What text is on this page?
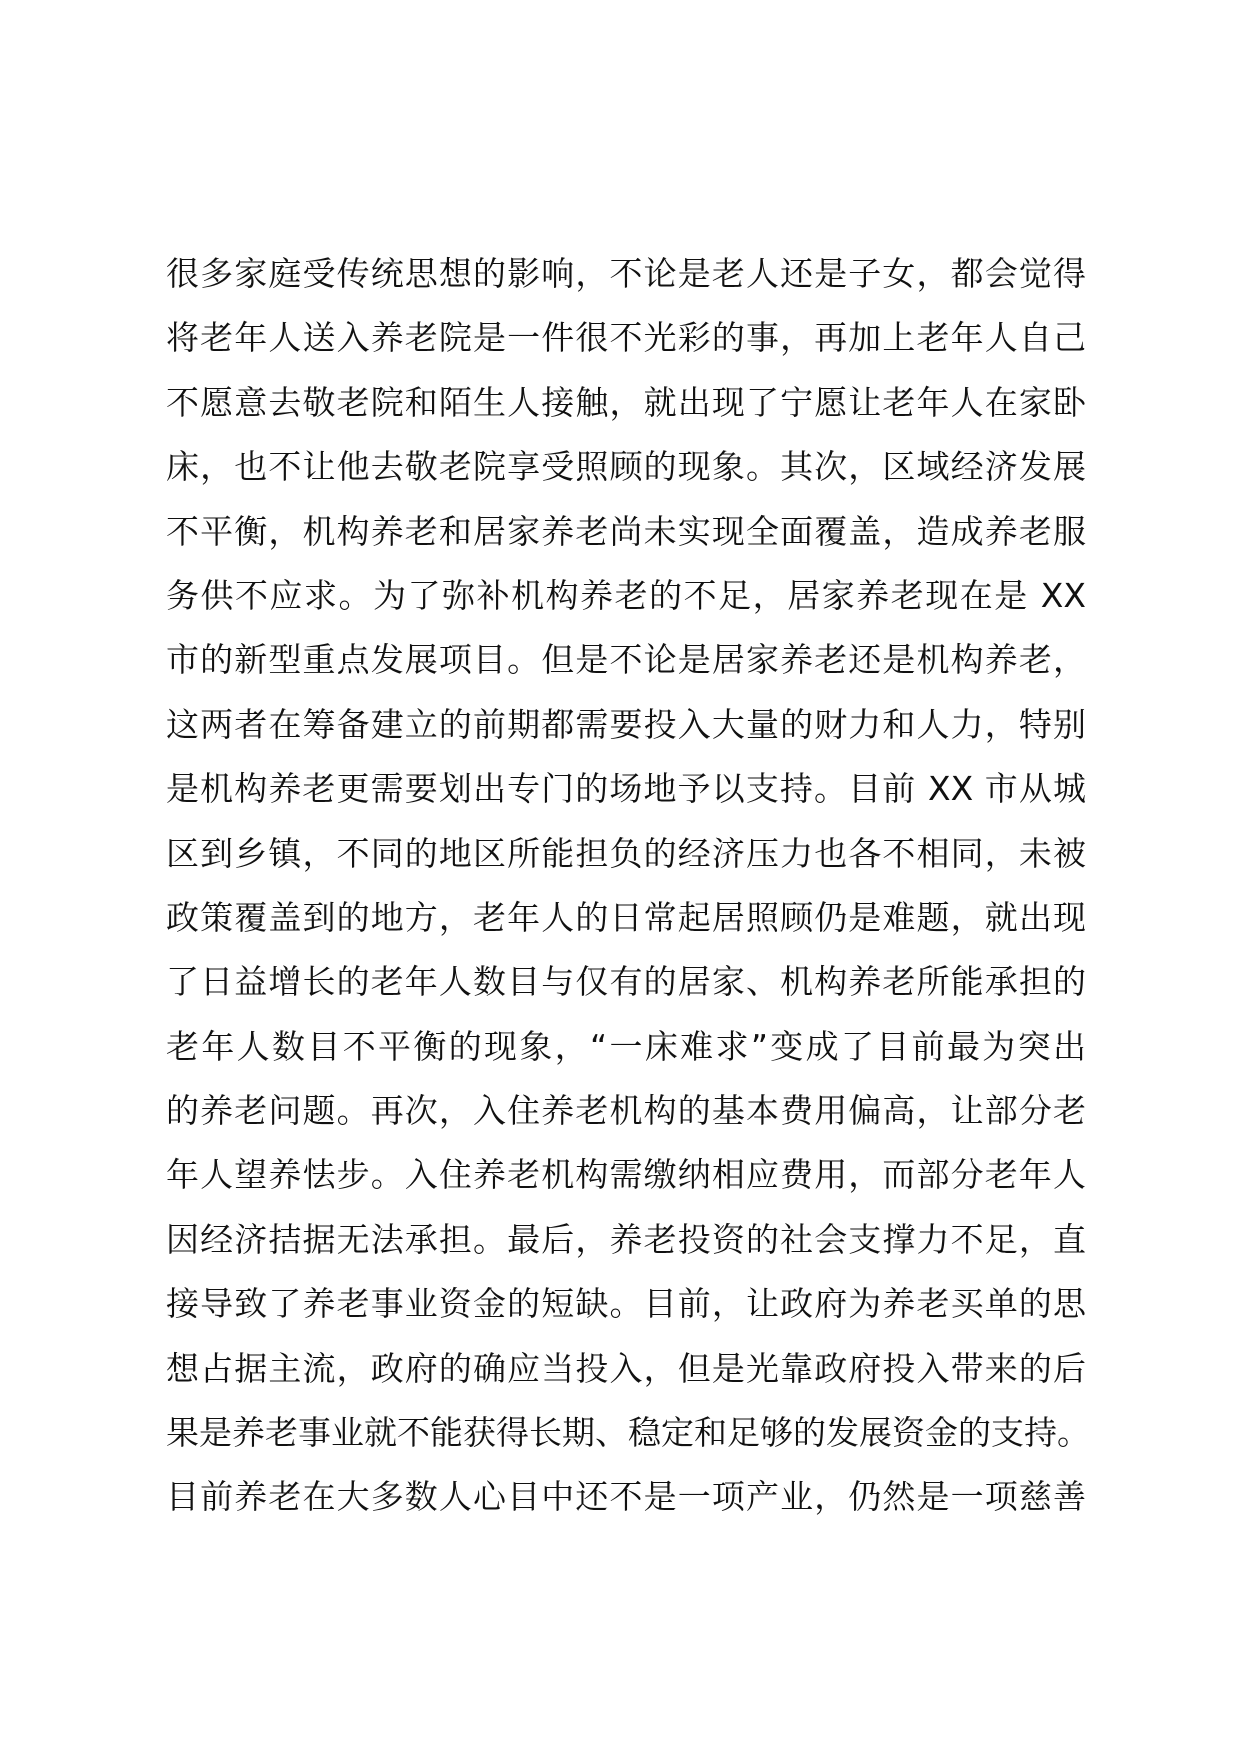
很多家庭受传统思想的影响，不论是老人还是子女，都会觉得
将老年人送入养老院是一件很不光彩的事，再加上老年人自己
不愿意去敬老院和陌生人接触，就出现了宁愿让老年人在家卧
床，也不让他去敬老院享受照顾的现象。其次，区域经济发展
不平衡，机构养老和居家养老尚未实现全面覆盖，造成养老服
务供不应求。为了弥补机构养老的不足，居家养老现在是 XX
市的新型重点发展项目。但是不论是居家养老还是机构养老，
这两者在筹备建立的前期都需要投入大量的财力和人力，特别
是机构养老更需要划出专门的场地予以支持。目前 XX 市从城
区到乡镇，不同的地区所能担负的经济压力也各不相同，未被
政策覆盖到的地方，老年人的日常起居照顾仍是难题，就出现
了日益增长的老年人数目与仅有的居家、机构养老所能承担的
老年人数目不平衡的现象，“一床难求”变成了目前最为突出
的养老问题。再次，入住养老机构的基本费用偏高，让部分老
年人望养怯步。入住养老机构需缴纳相应费用，而部分老年人
因经济拮据无法承担。最后，养老投资的社会支撑力不足，直
接导致了养老事业资金的短缺。目前，让政府为养老买单的思
想占据主流，政府的确应当投入，但是光靠政府投入带来的后
果是养老事业就不能获得长期、稳定和足够的发展资金的支持。
目前养老在大多数人心目中还不是一项产业，仍然是一项慈善
